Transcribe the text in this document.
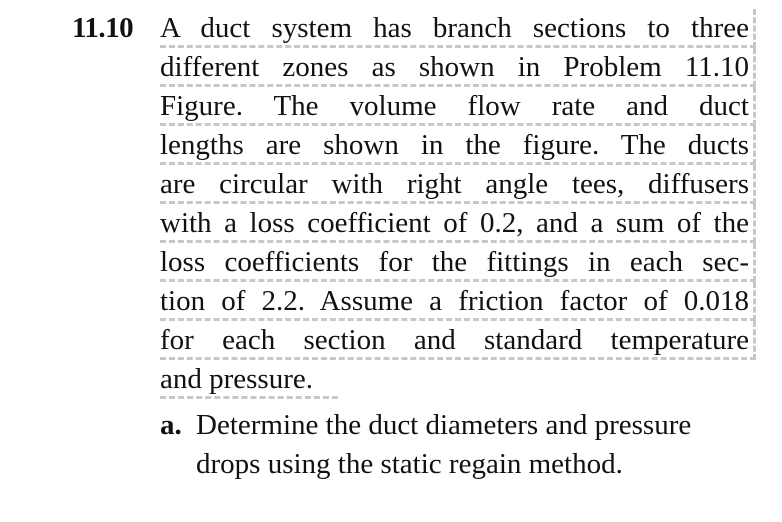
11.10 A duct system has branch sections to three
different zones as shown in Problem 11.10
Figure. The volume flow rate and duct
lengths are shown in the figure. The ducts
are circular with right angle tees, diffusers
with a loss coefficient of 0.2, and a sum of the
loss coefficients for the fittings in each sec-
tion of 2.2. Assume a friction factor of 0.018
for each section and standard temperature
and pressure.
a. Determine the duct diameters and pressure
drops using the static regain method.
